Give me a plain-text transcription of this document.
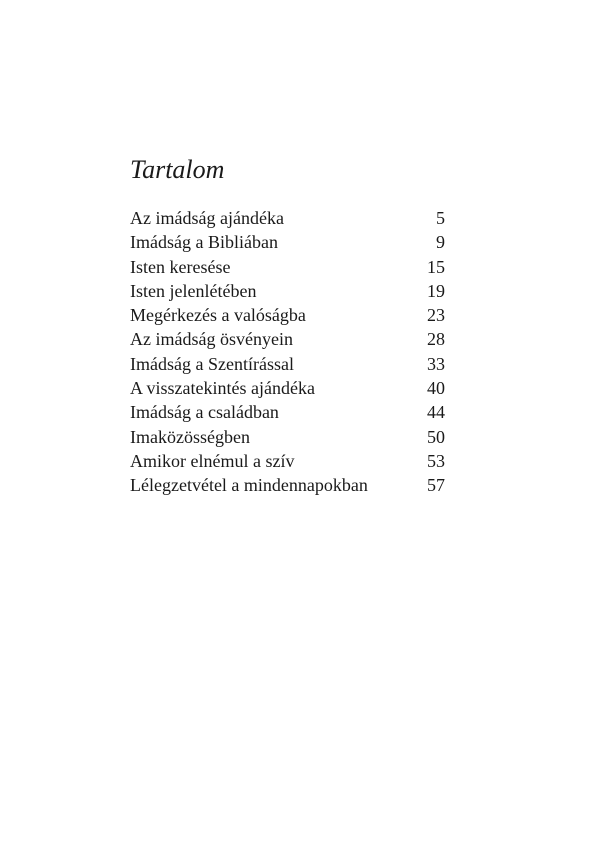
Tartalom
Az imádság ajándéka	5
Imádság a Bibliában	9
Isten keresése	15
Isten jelenlétében	19
Megérkezés a valóságba	23
Az imádság ösvényein	28
Imádság a Szentírással	33
A visszatekintés ajándéka	40
Imádság a családban	44
Imaközösségben	50
Amikor elnémul a szív	53
Lélegzetvétel a mindennapokban	57
